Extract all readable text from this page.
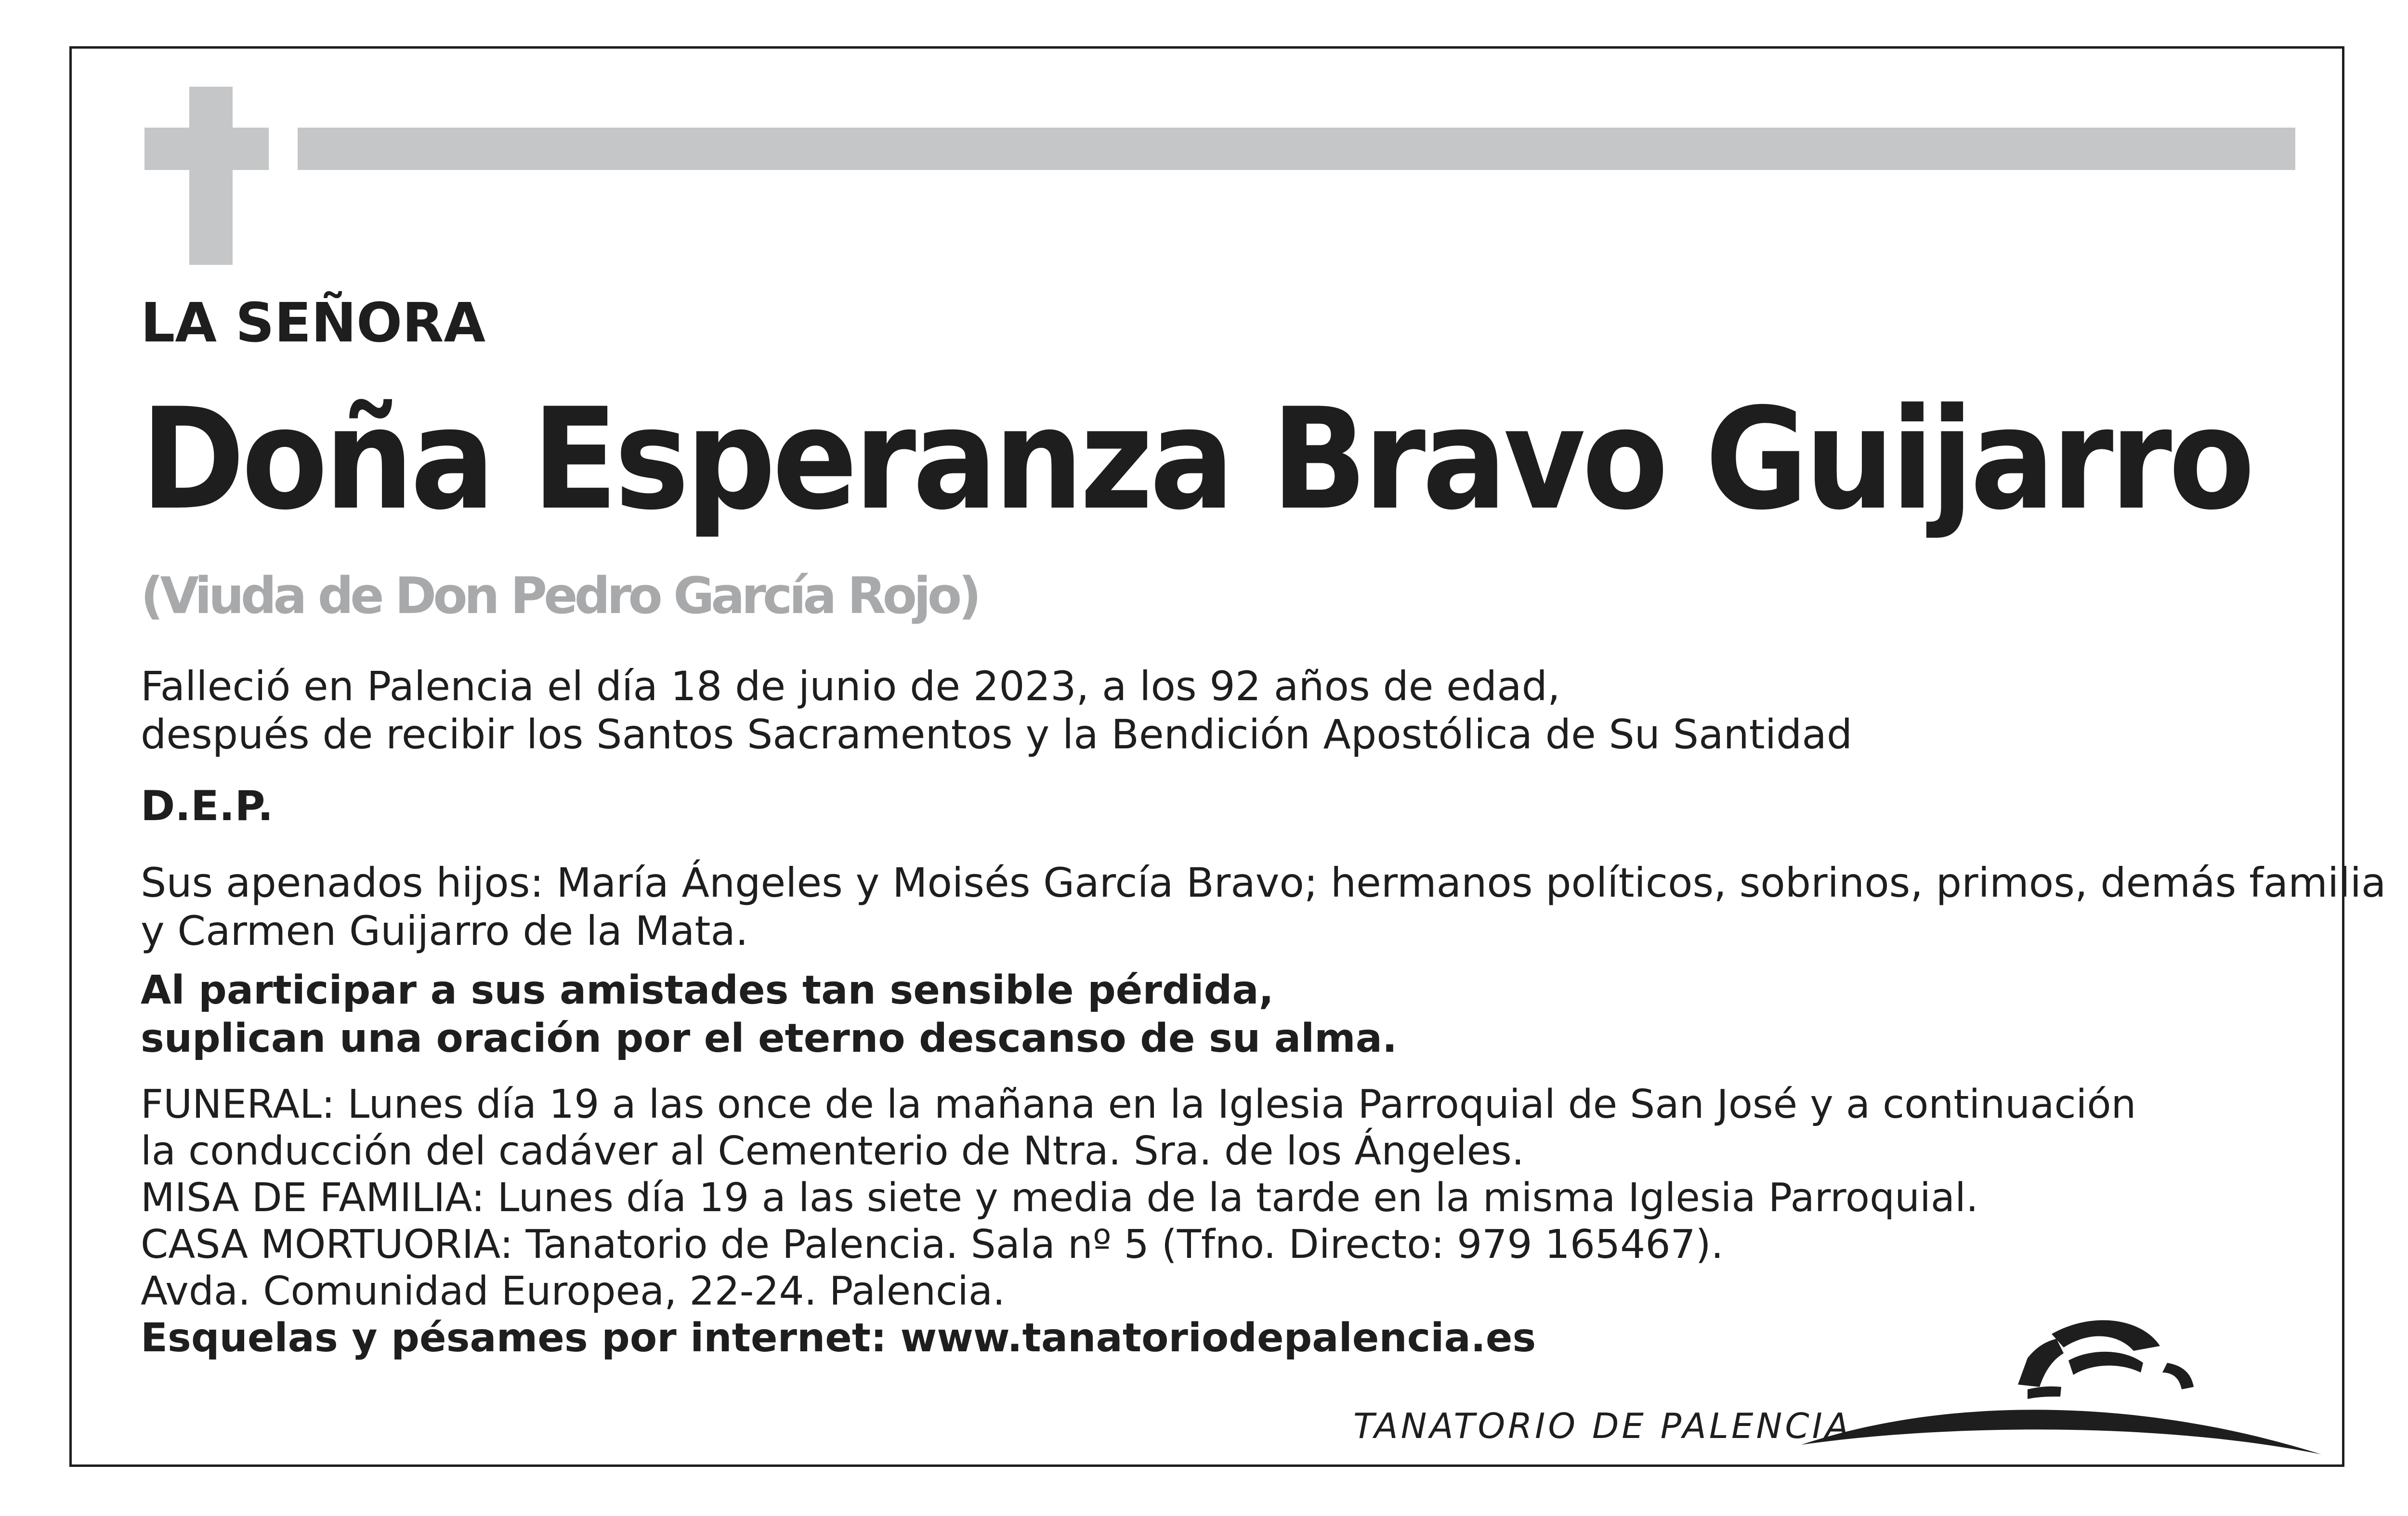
LA SEÑORA
Doña Esperanza Bravo Guijarro
(Viuda de Don Pedro García Rojo)
Falleció en Palencia el día 18 de junio de 2023, a los 92 años de edad,
después de recibir los Santos Sacramentos y la Bendición Apostólica de Su Santidad
D.E.P.
Sus apenados hijos: María Ángeles y Moisés García Bravo; hermanos políticos, sobrinos, primos, demás familia
y Carmen Guijarro de la Mata.
Al participar a sus amistades tan sensible pérdida,
suplican una oración por el eterno descanso de su alma.
FUNERAL: Lunes día 19 a las once de la mañana en la Iglesia Parroquial de San José y a continuación
la conducción del cadáver al Cementerio de Ntra. Sra. de los Ángeles.
MISA DE FAMILIA: Lunes día 19 a las siete y media de la tarde en la misma Iglesia Parroquial.
CASA MORTUORIA: Tanatorio de Palencia. Sala nº 5 (Tfno. Directo: 979 165467).
Avda. Comunidad Europea, 22-24. Palencia.
Esquelas y pésames por internet: www.tanatoriodepalencia.es
TANATORIO DE PALENCIA
